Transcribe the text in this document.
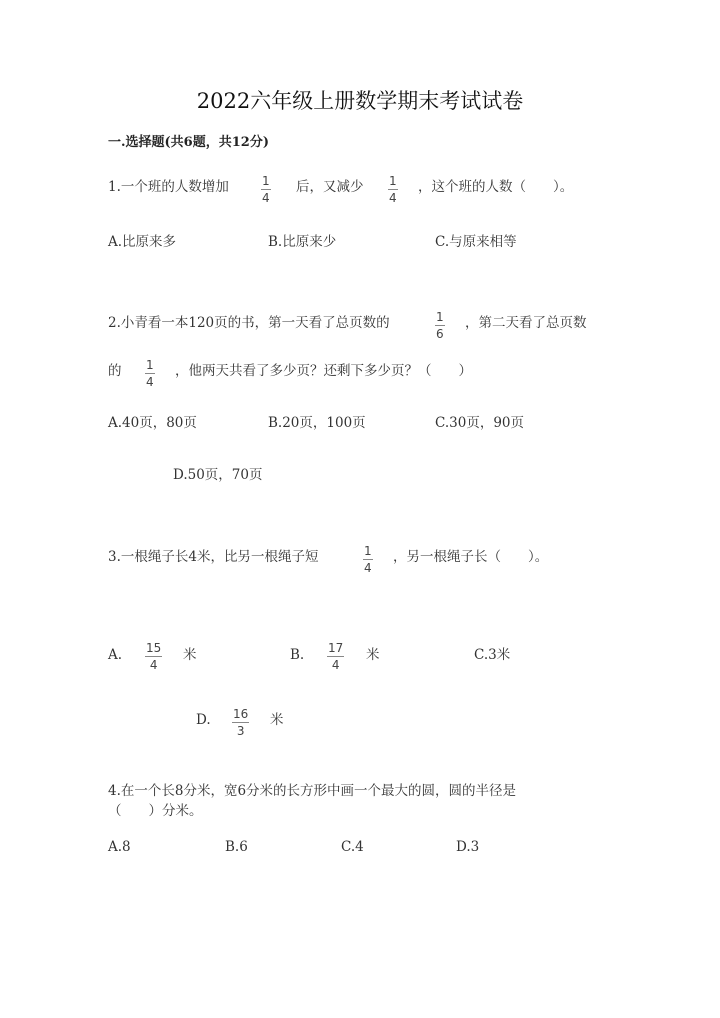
2022六年级上册数学期末考试试卷
一.选择题(共6题，共12分)
1.一个班的人数增加	1
4
后，又减少 1
4
，这个班的人数（　　）。
A.比原来多	B.比原来少	C.与原来相等
2.小青看一本120页的书，第一天看了总页数的	1
6
，第二天看了总页数
的 1
4
，他两天共看了多少页？还剩下多少页？（　　）
A.40页，80页	B.20页，100页	C.30页，90页
D.50页，70页
3.一根绳子长4米，比另一根绳子短	1
4
，另一根绳子长（　　）。
A. 15
4
米	B. 17
4
米	C.3米
D. 16
3
米
4.在一个长8分米，宽6分米的长方形中画一个最大的圆，圆的半径是
（　　）分米。
A.8	B.6	C.4	D.3
